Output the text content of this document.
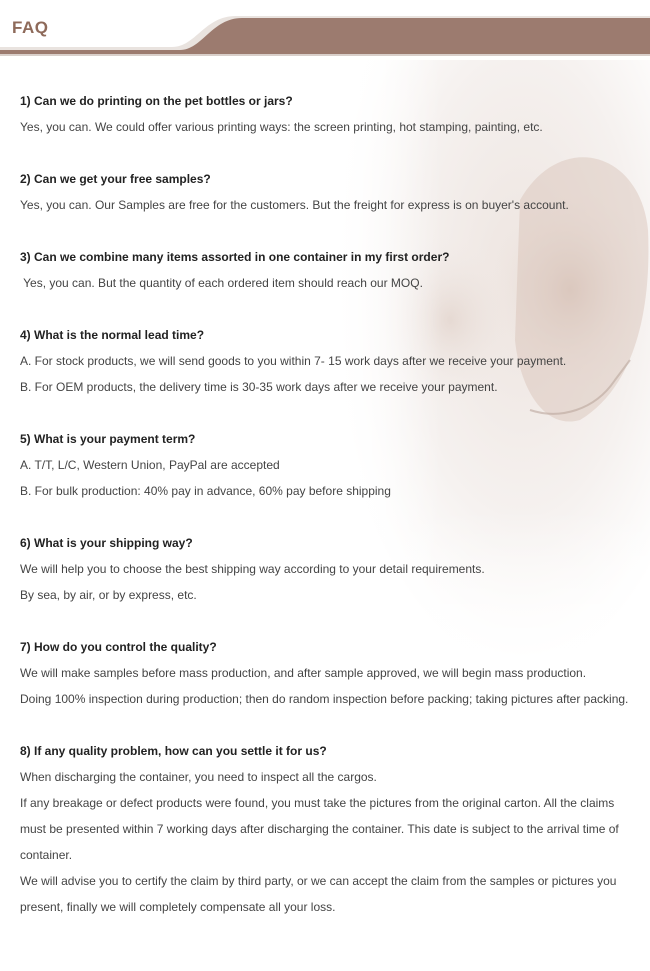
FAQ
1) Can we do printing on the pet bottles or jars?
Yes, you can. We could offer various printing ways: the screen printing, hot stamping, painting, etc.
2) Can we get your free samples?
Yes, you can. Our Samples are free for the customers. But the freight for express is on buyer's account.
3) Can we combine many items assorted in one container in my first order?
Yes, you can. But the quantity of each ordered item should reach our MOQ.
4) What is the normal lead time?
A. For stock products, we will send goods to you within 7- 15 work days after we receive your payment.
B. For OEM products, the delivery time is 30-35 work days after we receive your payment.
5) What is your payment term?
A. T/T, L/C, Western Union, PayPal are accepted
B. For bulk production: 40% pay in advance, 60% pay before shipping
6) What is your shipping way?
We will help you to choose the best shipping way according to your detail requirements.
By sea, by air, or by express, etc.
7) How do you control the quality?
We will make samples before mass production, and after sample approved, we will begin mass production.
Doing 100% inspection during production; then do random inspection before packing; taking pictures after packing.
8) If any quality problem, how can you settle it for us?
When discharging the container, you need to inspect all the cargos.
If any breakage or defect products were found, you must take the pictures from the original carton. All the claims must be presented within 7 working days after discharging the container. This date is subject to the arrival time of container.
We will advise you to certify the claim by third party, or we can accept the claim from the samples or pictures you present, finally we will completely compensate all your loss.
